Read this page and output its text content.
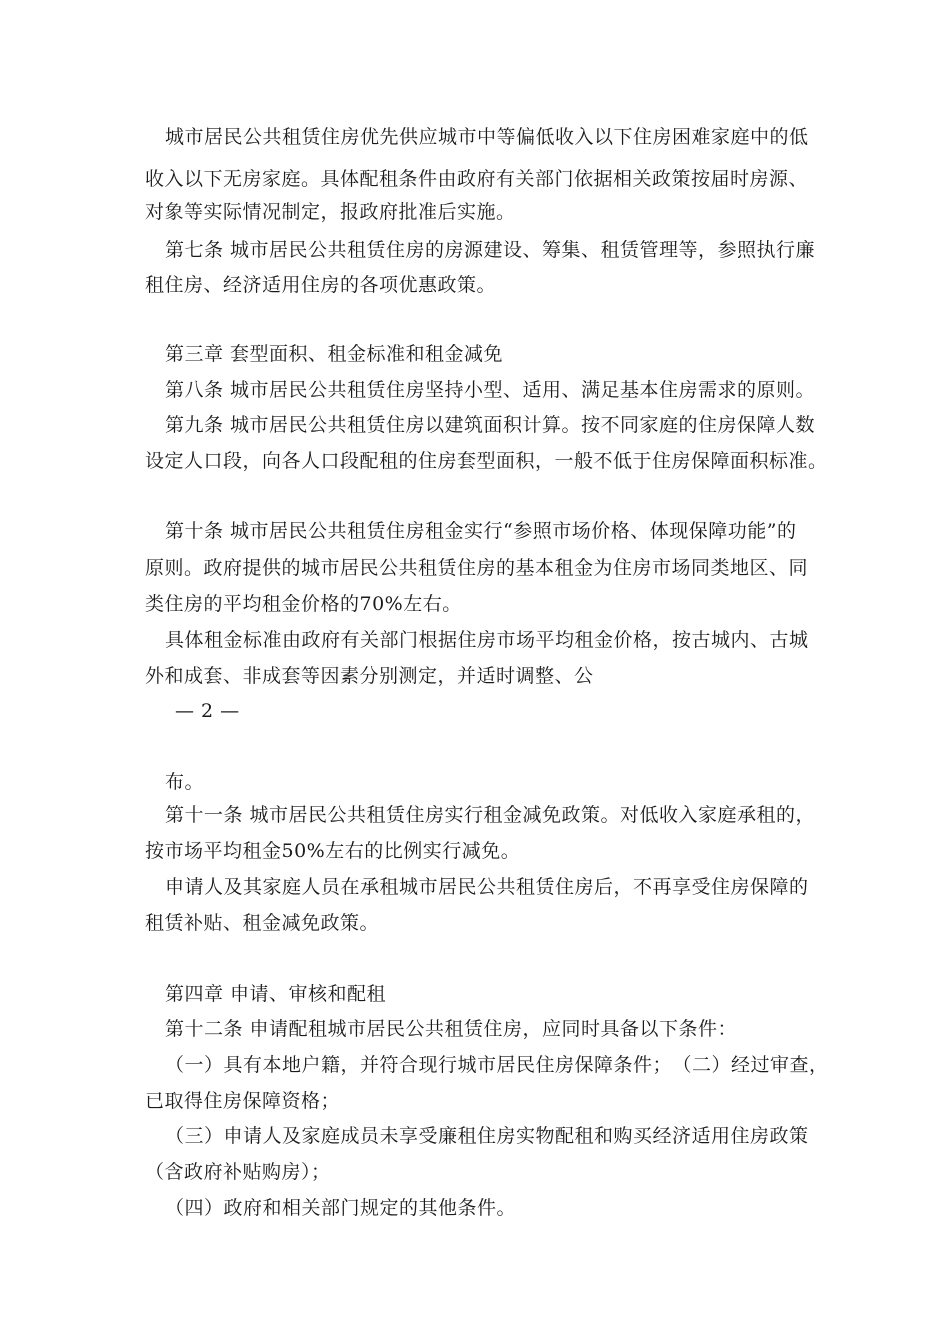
城市居民公共租赁住房优先供应城市中等偏低收入以下住房困难家庭中的低
收入以下无房家庭。具体配租条件由政府有关部门依据相关政策按届时房源、
对象等实际情况制定，报政府批准后实施。
第七条 城市居民公共租赁住房的房源建设、筹集、租赁管理等，参照执行廉
租住房、经济适用住房的各项优惠政策。
第三章 套型面积、租金标准和租金减免
第八条 城市居民公共租赁住房坚持小型、适用、满足基本住房需求的原则。
第九条 城市居民公共租赁住房以建筑面积计算。按不同家庭的住房保障人数
设定人口段，向各人口段配租的住房套型面积，一般不低于住房保障面积标准。
第十条 城市居民公共租赁住房租金实行“参照市场价格、体现保障功能”的
原则。政府提供的城市居民公共租赁住房的基本租金为住房市场同类地区、同
类住房的平均租金价格的70%左右。
具体租金标准由政府有关部门根据住房市场平均租金价格，按古城内、古城
外和成套、非成套等因素分别测定，并适时调整、公
— 2 —
布。
第十一条 城市居民公共租赁住房实行租金减免政策。对低收入家庭承租的，
按市场平均租金50%左右的比例实行减免。
申请人及其家庭人员在承租城市居民公共租赁住房后，不再享受住房保障的
租赁补贴、租金减免政策。
第四章 申请、审核和配租
第十二条 申请配租城市居民公共租赁住房，应同时具备以下条件：
（一）具有本地户籍，并符合现行城市居民住房保障条件；　（二）经过审查，
已取得住房保障资格；
（三）申请人及家庭成员未享受廉租住房实物配租和购买经济适用住房政策
（含政府补贴购房）；
（四）政府和相关部门规定的其他条件。
